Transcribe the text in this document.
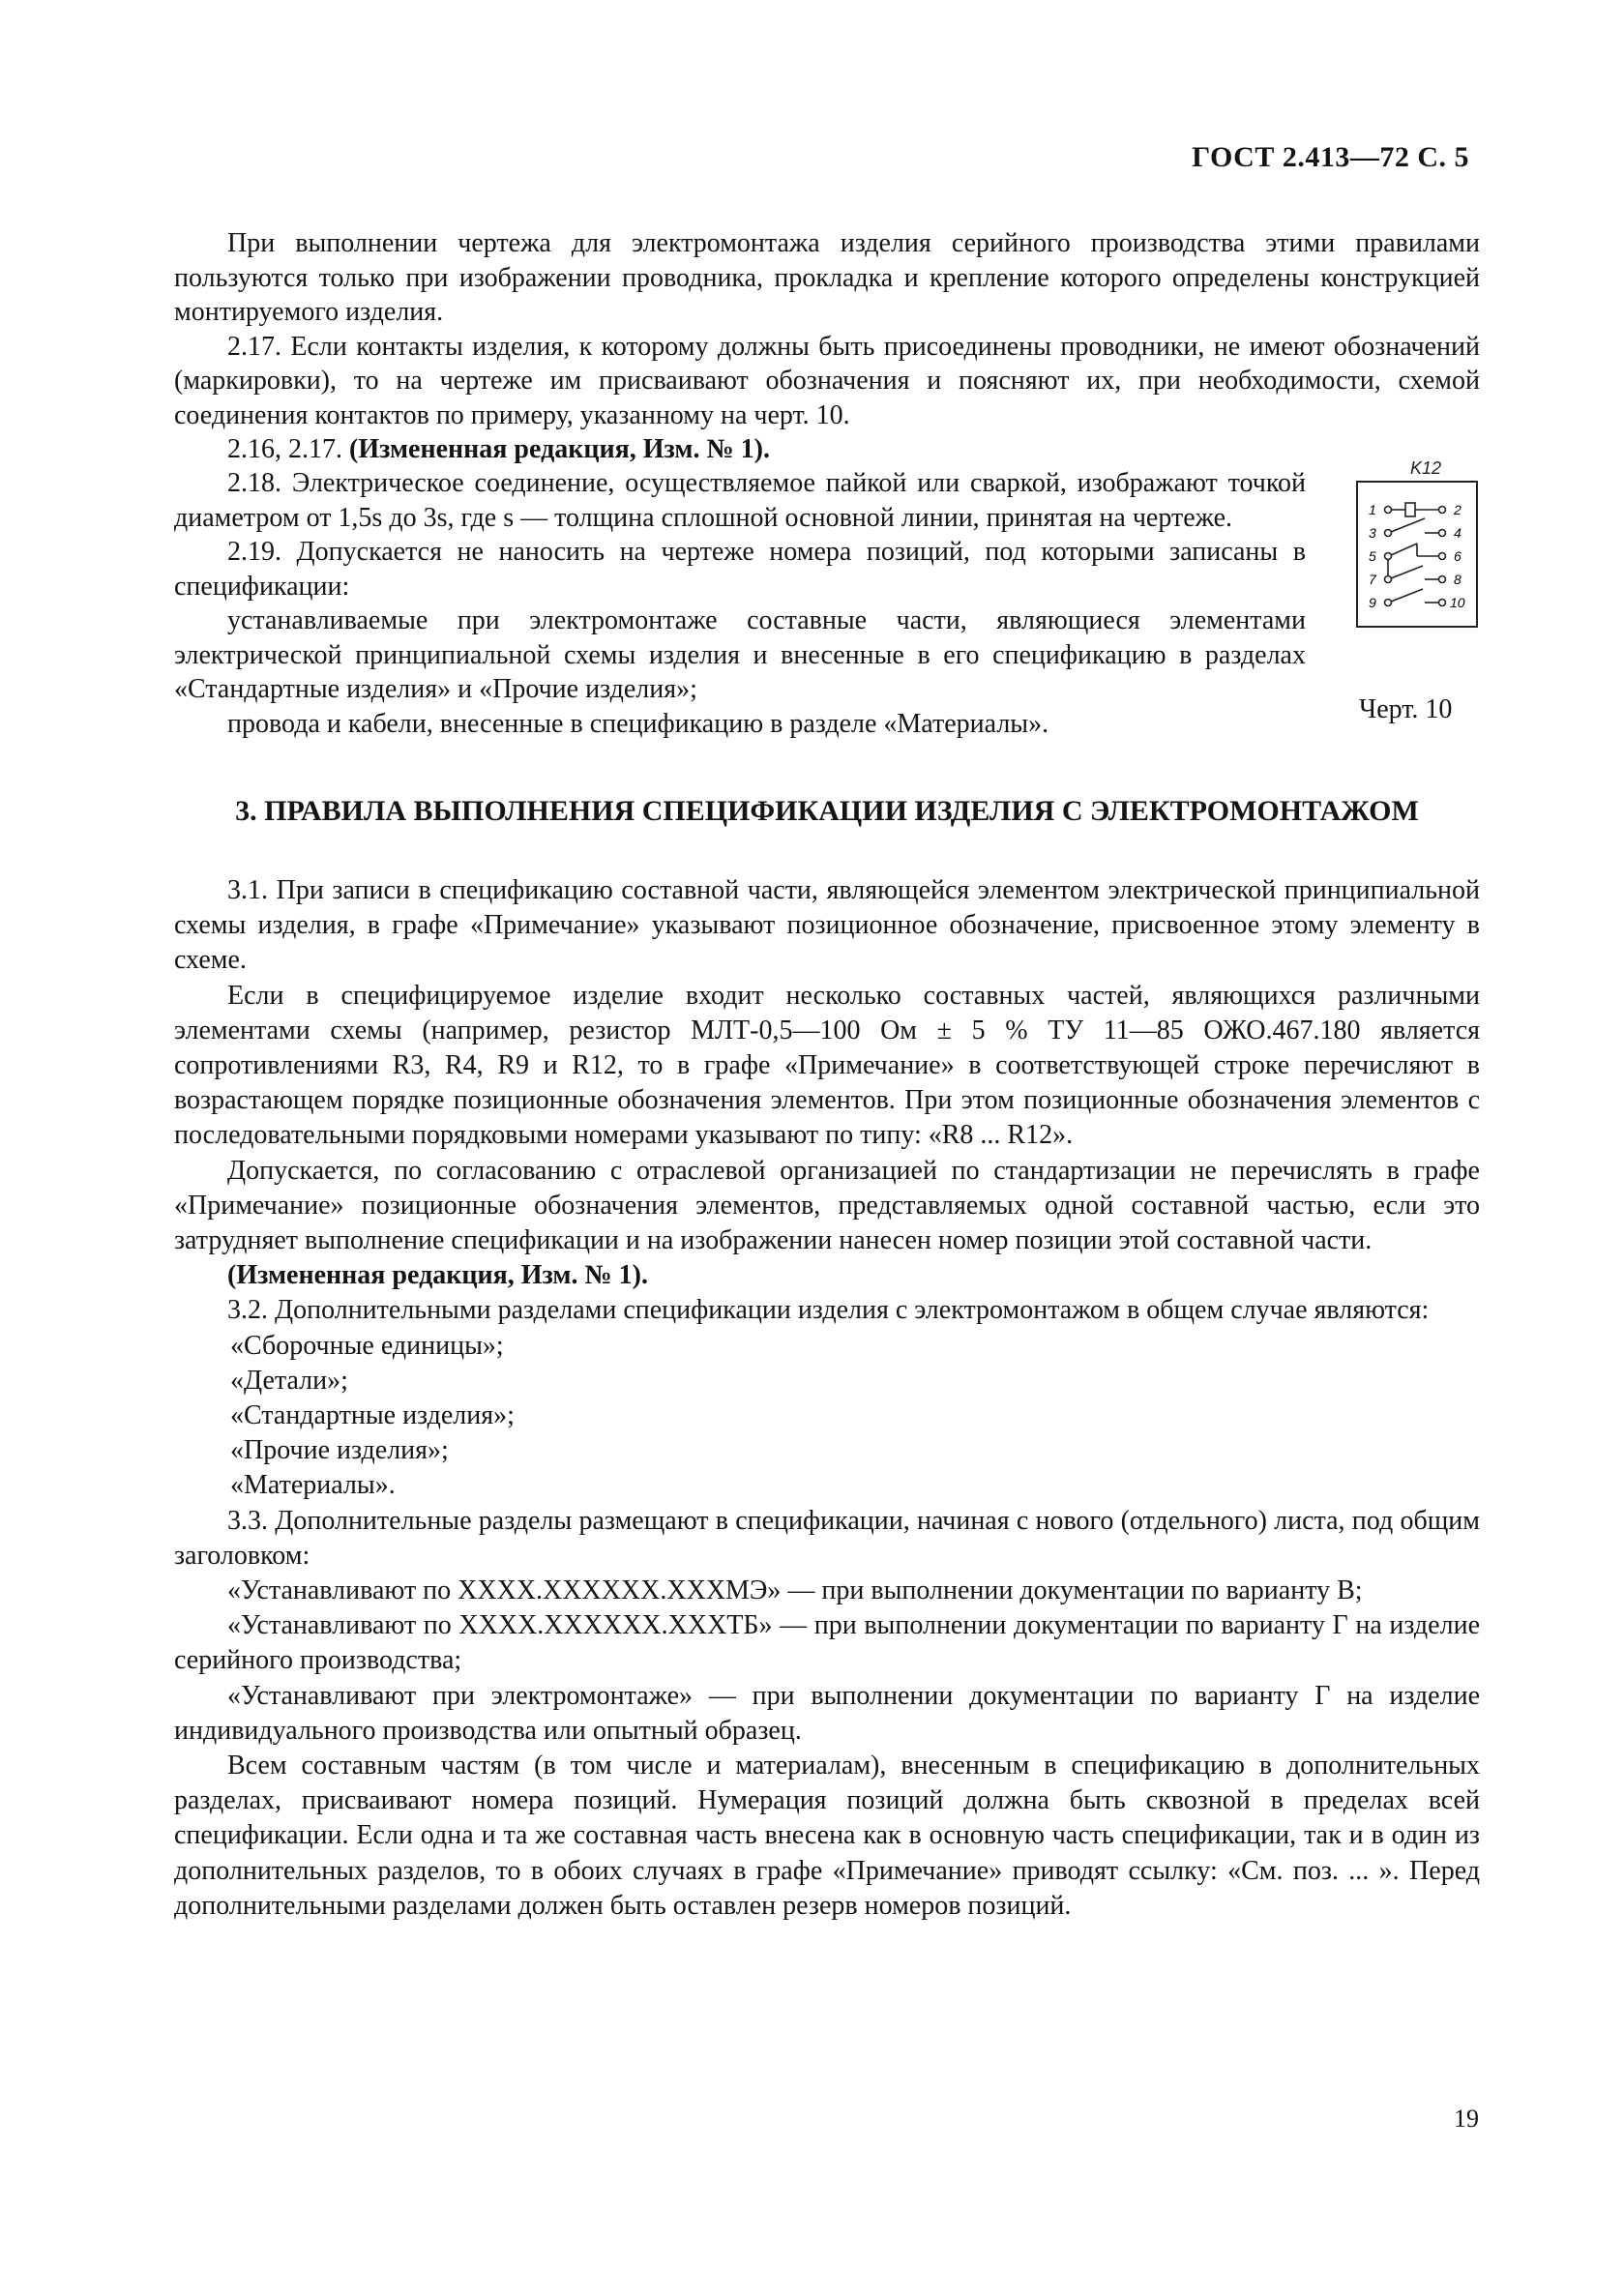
ГОСТ 2.413—72 С. 5

При выполнении чертежа для электромонтажа изделия серийного производства этими правилами пользуются только при изображении проводника, прокладка и крепление которого определены конструкцией монтируемого изделия.

2.17. Если контакты изделия, к которому должны быть присоединены проводники, не имеют обозначений (маркировки), то на чертеже им присваивают обозначения и поясняют их, при необходимости, схемой соединения контактов по примеру, указанному на черт. 10.

2.16, 2.17. (Измененная редакция, Изм. № 1).

2.18. Электрическое соединение, осуществляемое пайкой или сваркой, изображают точкой диаметром от 1,5s до 3s, где s — толщина сплошной основной линии, принятая на чертеже.

2.19. Допускается не наносить на чертеже номера позиций, под которыми записаны в спецификации:

устанавливаемые при электромонтаже составные части, являющиеся элементами электрической принципиальной схемы изделия и внесенные в его спецификацию в разделах «Стандартные изделия» и «Прочие изделия»;

провода и кабели, внесенные в спецификацию в разделе «Материалы».

K12
1	2
3	4
5	6
7	8
9	10
Черт. 10
3. ПРАВИЛА ВЫПОЛНЕНИЯ СПЕЦИФИКАЦИИ ИЗДЕЛИЯ С ЭЛЕКТРОМОНТАЖОМ

3.1. При записи в спецификацию составной части, являющейся элементом электрической принципиальной схемы изделия, в графе «Примечание» указывают позиционное обозначение, присвоенное этому элементу в схеме.

Если в специфицируемое изделие входит несколько составных частей, являющихся различными элементами схемы (например, резистор МЛТ-0,5—100 Ом ± 5 % ТУ 11—85 ОЖО.467.180 является сопротивлениями R3, R4, R9 и R12, то в графе «Примечание» в соответствующей строке перечисляют в возрастающем порядке позиционные обозначения элементов. При этом позиционные обозначения элементов с последовательными порядковыми номерами указывают по типу: «R8 ... R12».

Допускается, по согласованию с отраслевой организацией по стандартизации не перечислять в графе «Примечание» позиционные обозначения элементов, представляемых одной составной частью, если это затрудняет выполнение спецификации и на изображении нанесен номер позиции этой составной части.

(Измененная редакция, Изм. № 1).

3.2. Дополнительными разделами спецификации изделия с электромонтажом в общем случае являются:

«Сборочные единицы»;

«Детали»;

«Стандартные изделия»;

«Прочие изделия»;

«Материалы».

3.3. Дополнительные разделы размещают в спецификации, начиная с нового (отдельного) листа, под общим заголовком:

«Устанавливают по ХХХХ.ХХХХХХ.ХХХМЭ» — при выполнении документации по варианту В;

«Устанавливают по ХХХХ.ХХХХХХ.ХХХТБ» — при выполнении документации по варианту Г на изделие серийного производства;

«Устанавливают при электромонтаже» — при выполнении документации по варианту Г на изделие индивидуального производства или опытный образец.

Всем составным частям (в том числе и материалам), внесенным в спецификацию в дополнительных разделах, присваивают номера позиций. Нумерация позиций должна быть сквозной в пределах всей спецификации. Если одна и та же составная часть внесена как в основную часть спецификации, так и в один из дополнительных разделов, то в обоих случаях в графе «Примечание» приводят ссылку: «См. поз. ... ». Перед дополнительными разделами должен быть оставлен резерв номеров позиций.

19
